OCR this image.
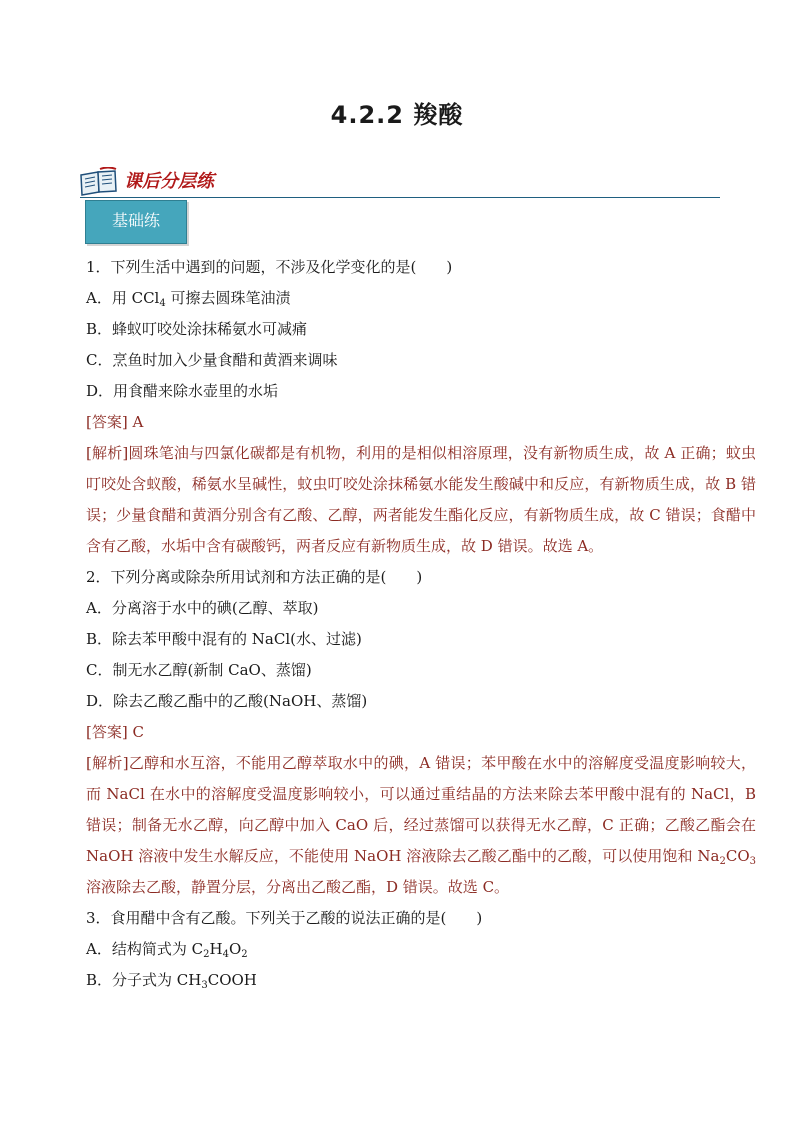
4.2.2 羧酸
课后分层练
基础练
1．下列生活中遇到的问题，不涉及化学变化的是(　　)
A．用 CCl$_4$ 可擦去圆珠笔油渍
B．蜂蚁叮咬处涂抹稀氨水可减痛
C．烹鱼时加入少量食醋和黄酒来调味
D．用食醋来除水壶里的水垢
[答案] A

[解析]圆珠笔油与四氯化碳都是有机物，利用的是相似相溶原理，没有新物质生成，故 A 正确；蚊虫叮咬处含蚁酸，稀氨水呈碱性，蚊虫叮咬处涂抹稀氨水能发生酸碱中和反应，有新物质生成，故 B 错误；少量食醋和黄酒分别含有乙酸、乙醇，两者能发生酯化反应，有新物质生成，故 C 错误；食醋中含有乙酸，水垢中含有碳酸钙，两者反应有新物质生成，故 D 错误。故选 A。

2．下列分离或除杂所用试剂和方法正确的是(　　)
A．分离溶于水中的碘(乙醇、萃取)
B．除去苯甲酸中混有的 NaCl(水、过滤)
C．制无水乙醇(新制 CaO、蒸馏)
D．除去乙酸乙酯中的乙酸(NaOH、蒸馏)
[答案] C

[解析]乙醇和水互溶，不能用乙醇萃取水中的碘，A 错误；苯甲酸在水中的溶解度受温度影响较大，而 NaCl 在水中的溶解度受温度影响较小，可以通过重结晶的方法来除去苯甲酸中混有的 NaCl，B 错误；制备无水乙醇，向乙醇中加入 CaO 后，经过蒸馏可以获得无水乙醇，C 正确；乙酸乙酯会在 NaOH 溶液中发生水解反应，不能使用 NaOH 溶液除去乙酸乙酯中的乙酸，可以使用饱和 $Na_2CO_3$溶液除去乙酸，静置分层，分离出乙酸乙酯，D 错误。故选 C。

3．食用醋中含有乙酸。下列关于乙酸的说法正确的是(　　)
A．结构简式为 $C_2H_4O_2$
B．分子式为 $CH_3COOH$
